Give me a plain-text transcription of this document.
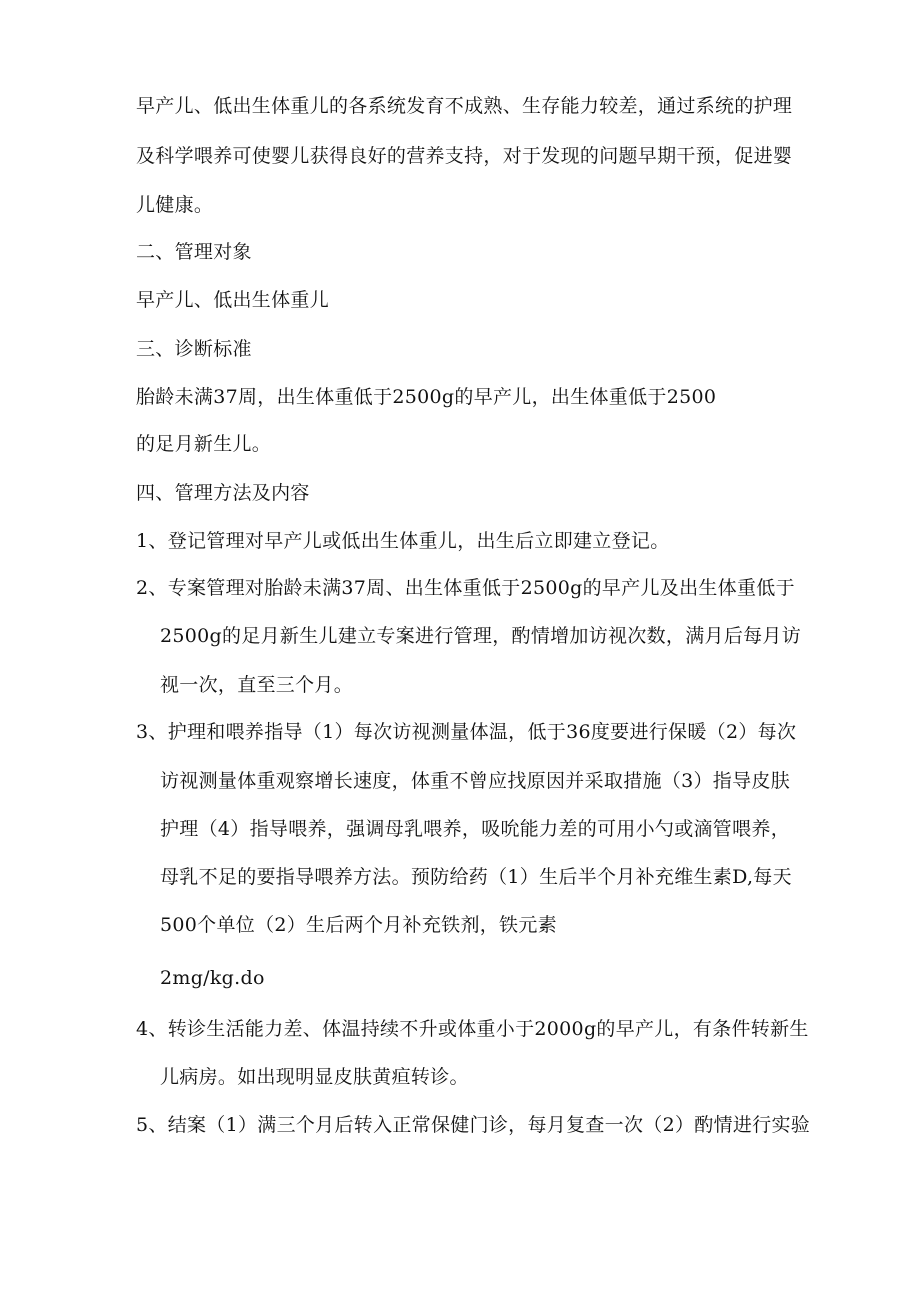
早产儿、低出生体重儿的各系统发育不成熟、生存能力较差，通过系统的护理
及科学喂养可使婴儿获得良好的营养支持，对于发现的问题早期干预，促进婴
儿健康。
二、管理对象
早产儿、低出生体重儿
三、诊断标准
胎龄未满37周，出生体重低于2500g的早产儿，出生体重低于2500
的足月新生儿。
四、管理方法及内容
1、登记管理对早产儿或低出生体重儿，出生后立即建立登记。
2、专案管理对胎龄未满37周、出生体重低于2500g的早产儿及出生体重低于
2500g的足月新生儿建立专案进行管理，酌情增加访视次数，满月后每月访
视一次，直至三个月。
3、护理和喂养指导（1）每次访视测量体温，低于36度要进行保暖（2）每次
访视测量体重观察增长速度，体重不曾应找原因并采取措施（3）指导皮肤
护理（4）指导喂养，强调母乳喂养，吸吮能力差的可用小勺或滴管喂养，
母乳不足的要指导喂养方法。预防给药（1）生后半个月补充维生素D,每天
500个单位（2）生后两个月补充铁剂，铁元素
2mg/kg.do
4、转诊生活能力差、体温持续不升或体重小于2000g的早产儿，有条件转新生
儿病房。如出现明显皮肤黄疸转诊。
5、结案（1）满三个月后转入正常保健门诊，每月复查一次（2）酌情进行实验
